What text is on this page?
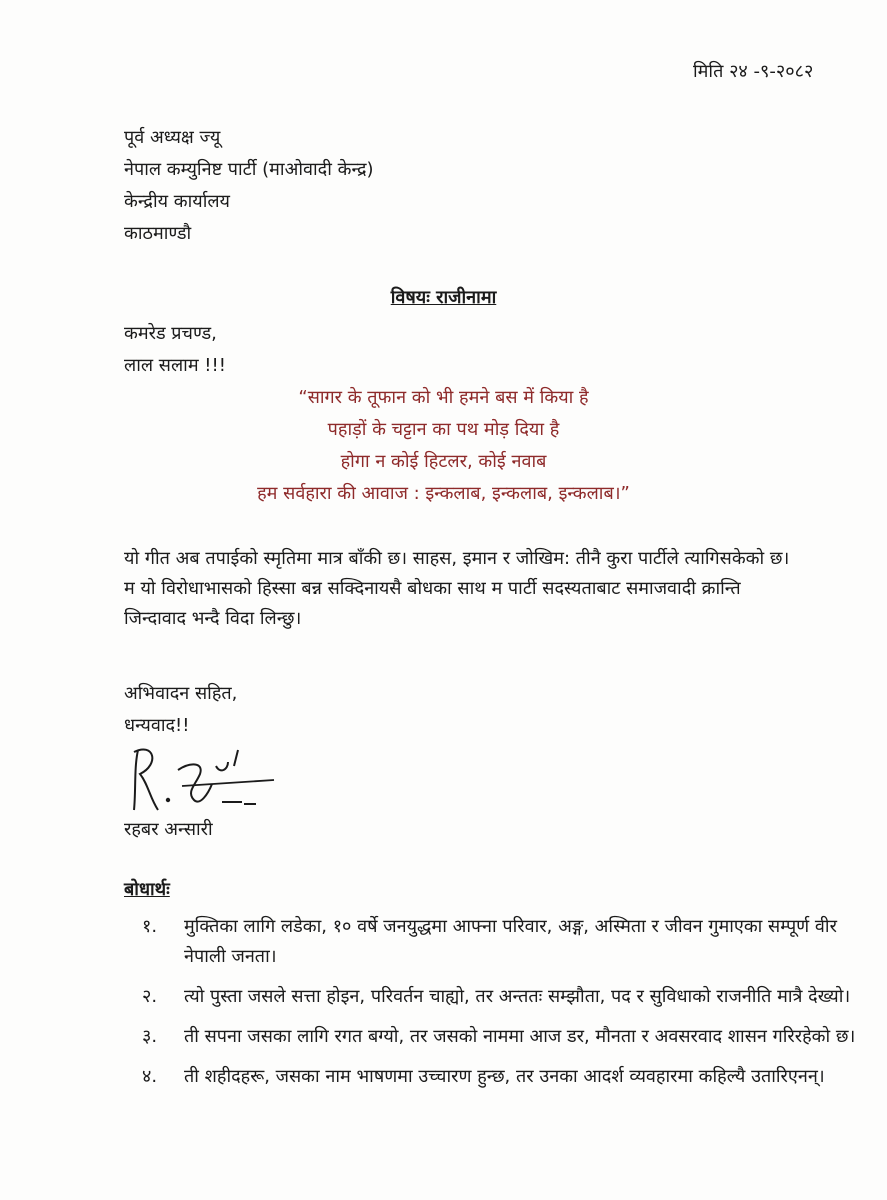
मिति २४ -९-२०८२
पूर्व अध्यक्ष ज्यू
नेपाल कम्युनिष्ट पार्टी (माओवादी केन्द्र)
केन्द्रीय कार्यालय
काठमाण्डौ
विषयः राजीनामा
कमरेड प्रचण्ड,
लाल सलाम !!!
“सागर के तूफान को भी हमने बस में किया है
पहाड़ों के चट्टान का पथ मोड़ दिया है
होगा न कोई हिटलर, कोई नवाब
हम सर्वहारा की आवाज : इन्कलाब, इन्कलाब, इन्कलाब।”

यो गीत अब तपाईको स्मृतिमा मात्र बाँकी छ। साहस, इमान र जोखिम: तीनै कुरा पार्टीले त्यागिसकेको छ।

म यो विरोधाभासको हिस्सा बन्न सक्दिनायसै बोधका साथ म पार्टी सदस्यताबाट समाजवादी क्रान्ति

जिन्दावाद भन्दै विदा लिन्छु।

अभिवादन सहित,
धन्यवाद!!
रहबर अन्सारी
बोधार्थः
१. मुक्तिका लागि लडेका, १० वर्षे जनयुद्धमा आफ्ना परिवार, अङ्ग, अस्मिता र जीवन गुमाएका सम्पूर्ण वीर नेपाली जनता।
२. त्यो पुस्ता जसले सत्ता होइन, परिवर्तन चाह्यो, तर अन्ततः सम्झौता, पद र सुविधाको राजनीति मात्रै देख्यो।
३. ती सपना जसका लागि रगत बग्यो, तर जसको नाममा आज डर, मौनता र अवसरवाद शासन गरिरहेको छ।
४. ती शहीदहरू, जसका नाम भाषणमा उच्चारण हुन्छ, तर उनका आदर्श व्यवहारमा कहिल्यै उतारिएनन्।
